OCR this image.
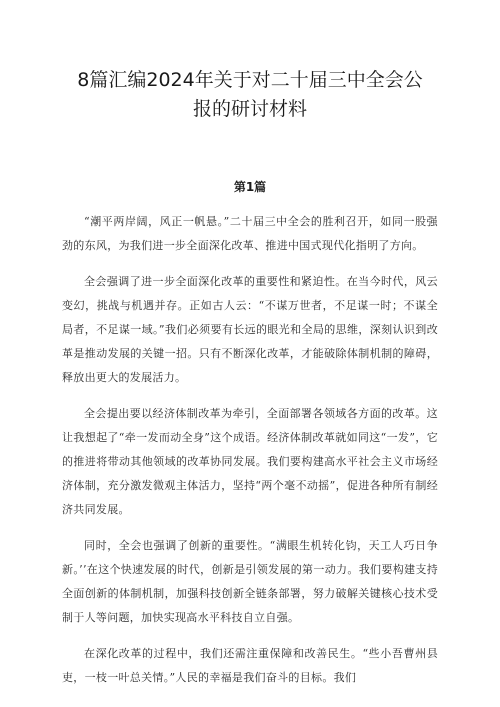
8篇汇编2024年关于对二十届三中全会公
报的研讨材料
第1篇

“潮平两岸阔，风正一帆悬。”二十届三中全会的胜利召开，如同一股强劲的东风，为我们进一步全面深化改革、推进中国式现代化指明了方向。

全会强调了进一步全面深化改革的重要性和紧迫性。在当今时代，风云变幻，挑战与机遇并存。正如古人云：“不谋万世者，不足谋一时；不谋全局者，不足谋一域。”我们必须要有长远的眼光和全局的思维，深刻认识到改革是推动发展的关键一招。只有不断深化改革，才能破除体制机制的障碍，释放出更大的发展活力。

全会提出要以经济体制改革为牵引，全面部署各领域各方面的改革。这让我想起了“牵一发而动全身”这个成语。经济体制改革就如同这“一发”，它的推进将带动其他领域的改革协同发展。我们要构建高水平社会主义市场经济体制，充分激发微观主体活力，坚持“两个毫不动摇”，促进各种所有制经济共同发展。

同时，全会也强调了创新的重要性。“满眼生机转化钧，天工人巧日争新。’’在这个快速发展的时代，创新是引领发展的第一动力。我们要构建支持全面创新的体制机制，加强科技创新全链条部署，努力破解关键核心技术受制于人等问题，加快实现高水平科技自立自强。

在深化改革的过程中，我们还需注重保障和改善民生。“些小吾曹州县吏，一枝一叶总关情。”人民的幸福是我们奋斗的目标。我们
